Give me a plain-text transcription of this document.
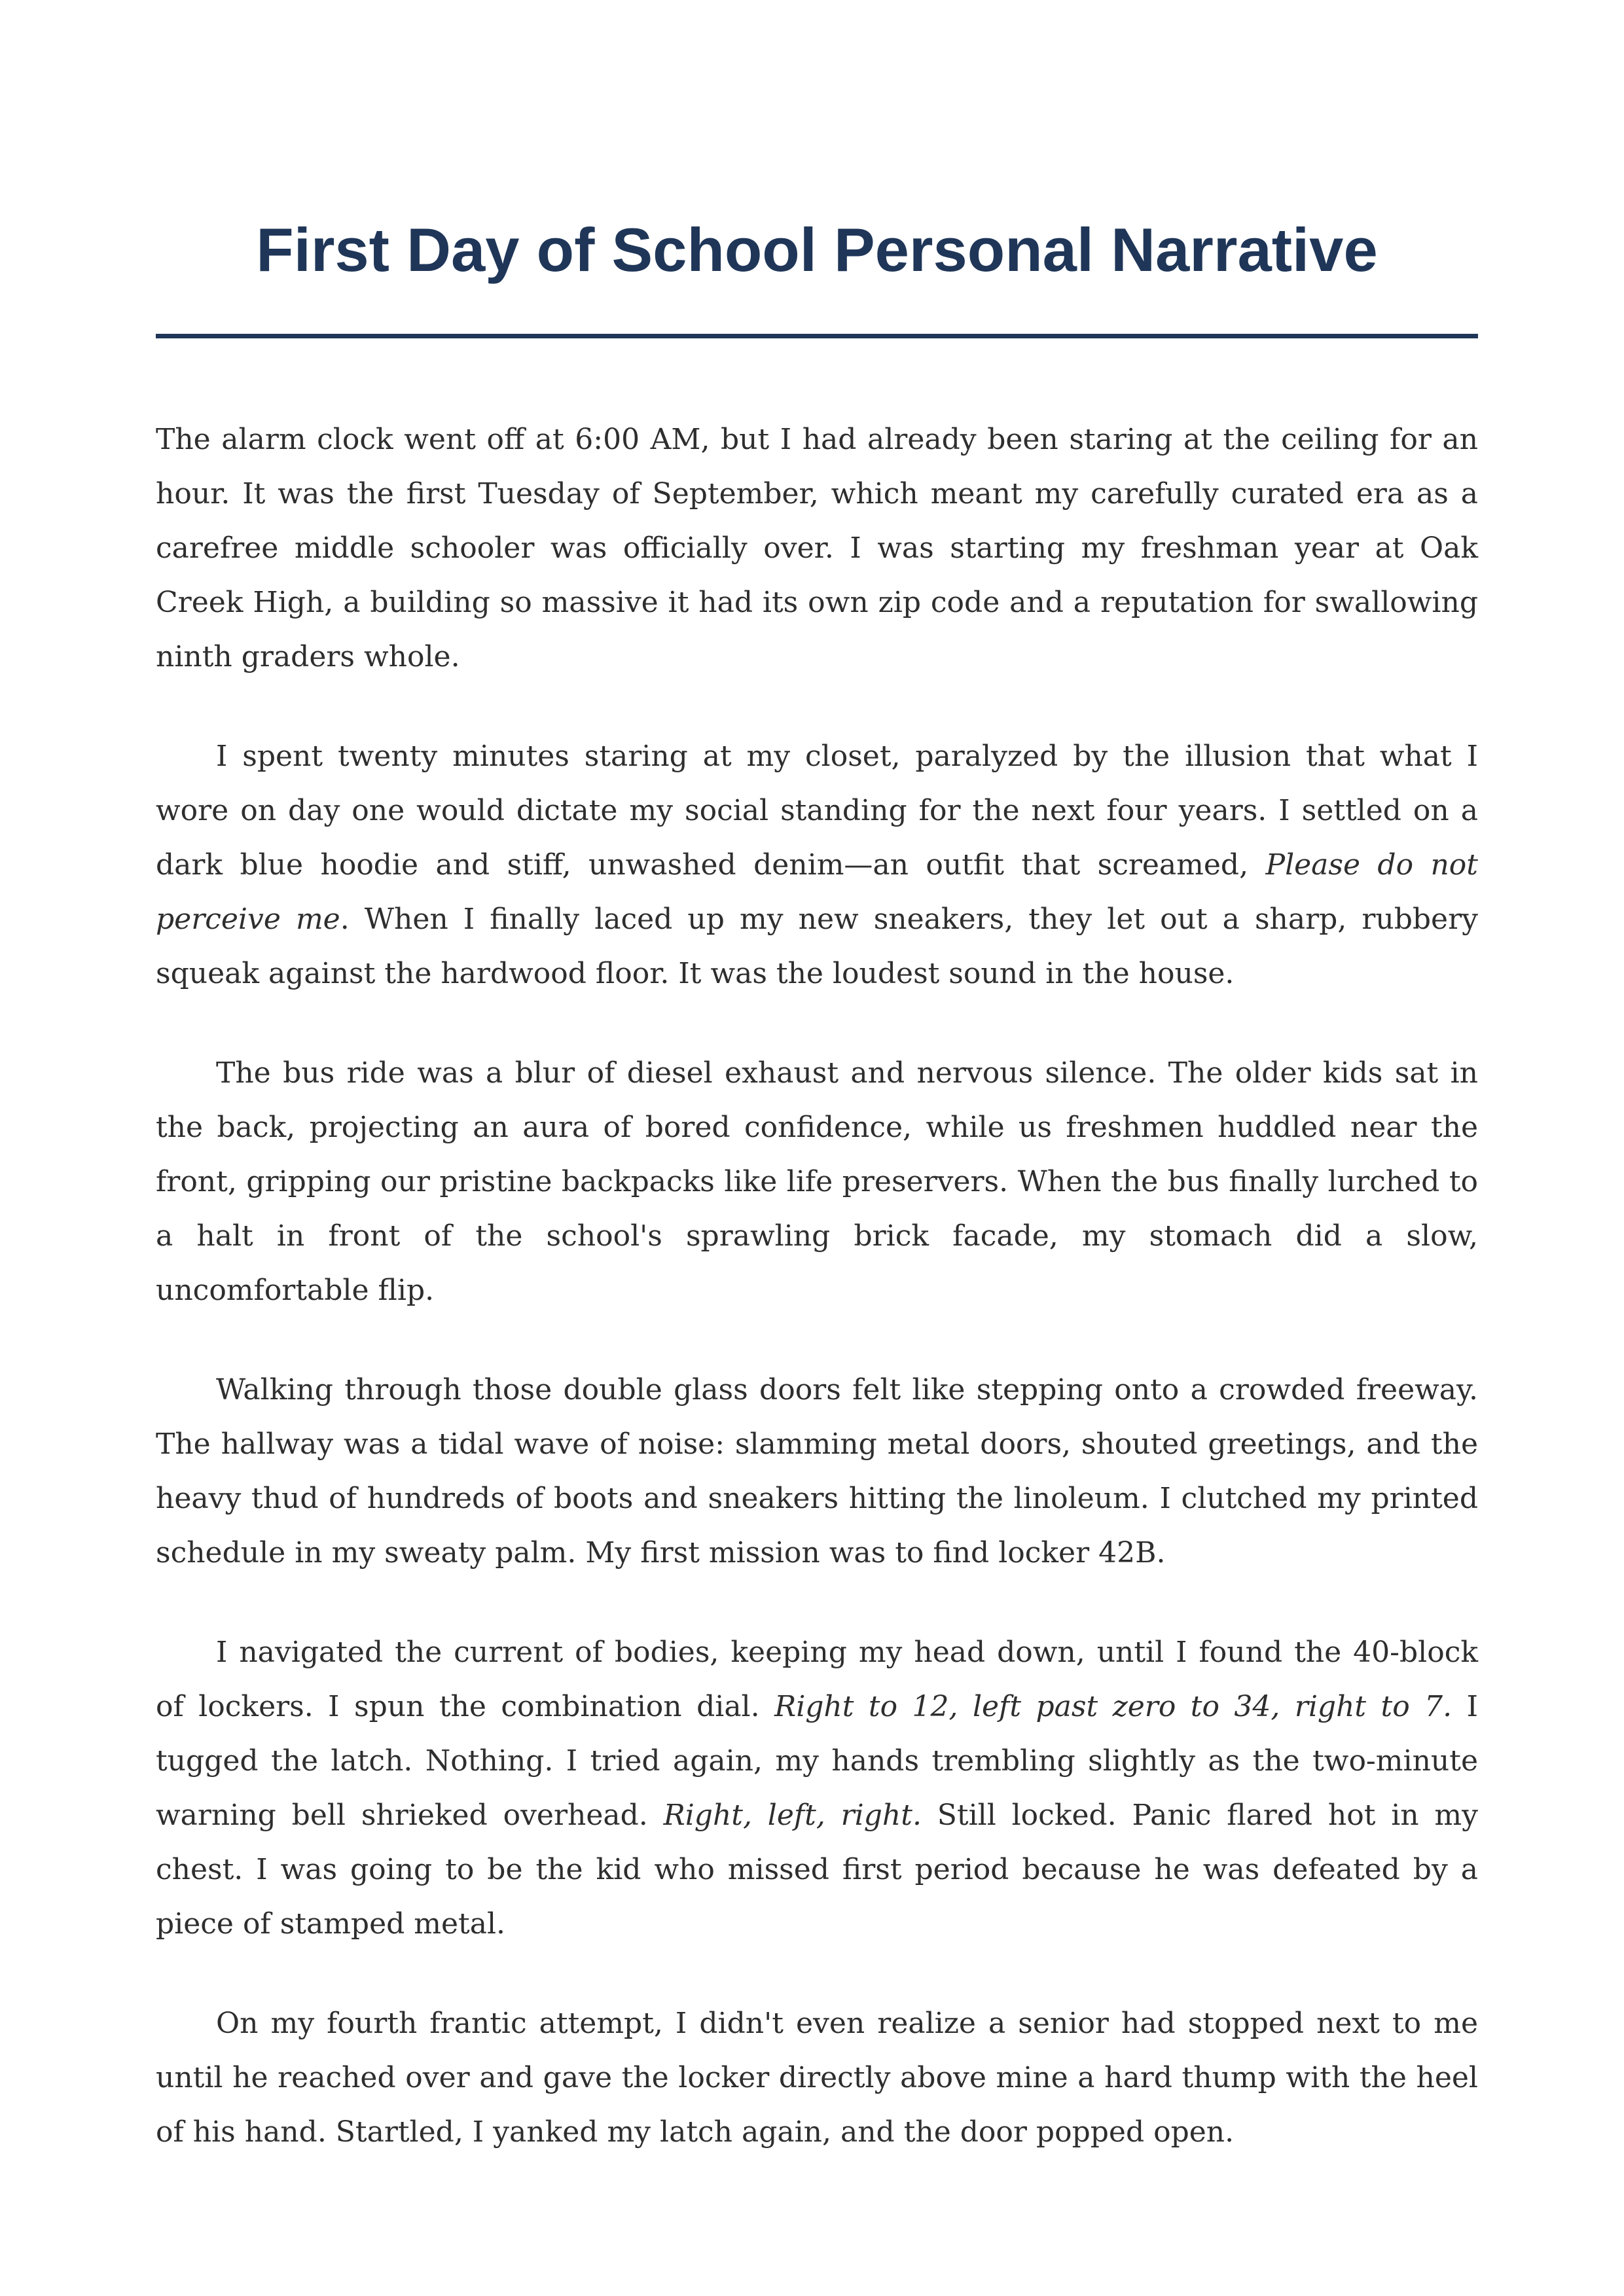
First Day of School Personal Narrative

The alarm clock went off at 6:00 AM, but I had already been staring at the ceiling for an hour. It was the first Tuesday of September, which meant my carefully curated era as a carefree middle schooler was officially over. I was starting my freshman year at Oak Creek High, a building so massive it had its own zip code and a reputation for swallowing ninth graders whole.

I spent twenty minutes staring at my closet, paralyzed by the illusion that what I wore on day one would dictate my social standing for the next four years. I settled on a dark blue hoodie and stiff, unwashed denim—an outfit that screamed, Please do not perceive me. When I finally laced up my new sneakers, they let out a sharp, rubbery squeak against the hardwood floor. It was the loudest sound in the house.

The bus ride was a blur of diesel exhaust and nervous silence. The older kids sat in the back, projecting an aura of bored confidence, while us freshmen huddled near the front, gripping our pristine backpacks like life preservers. When the bus finally lurched to a halt in front of the school's sprawling brick facade, my stomach did a slow, uncomfortable flip.

Walking through those double glass doors felt like stepping onto a crowded freeway. The hallway was a tidal wave of noise: slamming metal doors, shouted greetings, and the heavy thud of hundreds of boots and sneakers hitting the linoleum. I clutched my printed schedule in my sweaty palm. My first mission was to find locker 42B.

I navigated the current of bodies, keeping my head down, until I found the 40-block of lockers. I spun the combination dial. Right to 12, left past zero to 34, right to 7. I tugged the latch. Nothing. I tried again, my hands trembling slightly as the two-minute warning bell shrieked overhead. Right, left, right. Still locked. Panic flared hot in my chest. I was going to be the kid who missed first period because he was defeated by a piece of stamped metal.

On my fourth frantic attempt, I didn't even realize a senior had stopped next to me until he reached over and gave the locker directly above mine a hard thump with the heel of his hand. Startled, I yanked my latch again, and the door popped open.
